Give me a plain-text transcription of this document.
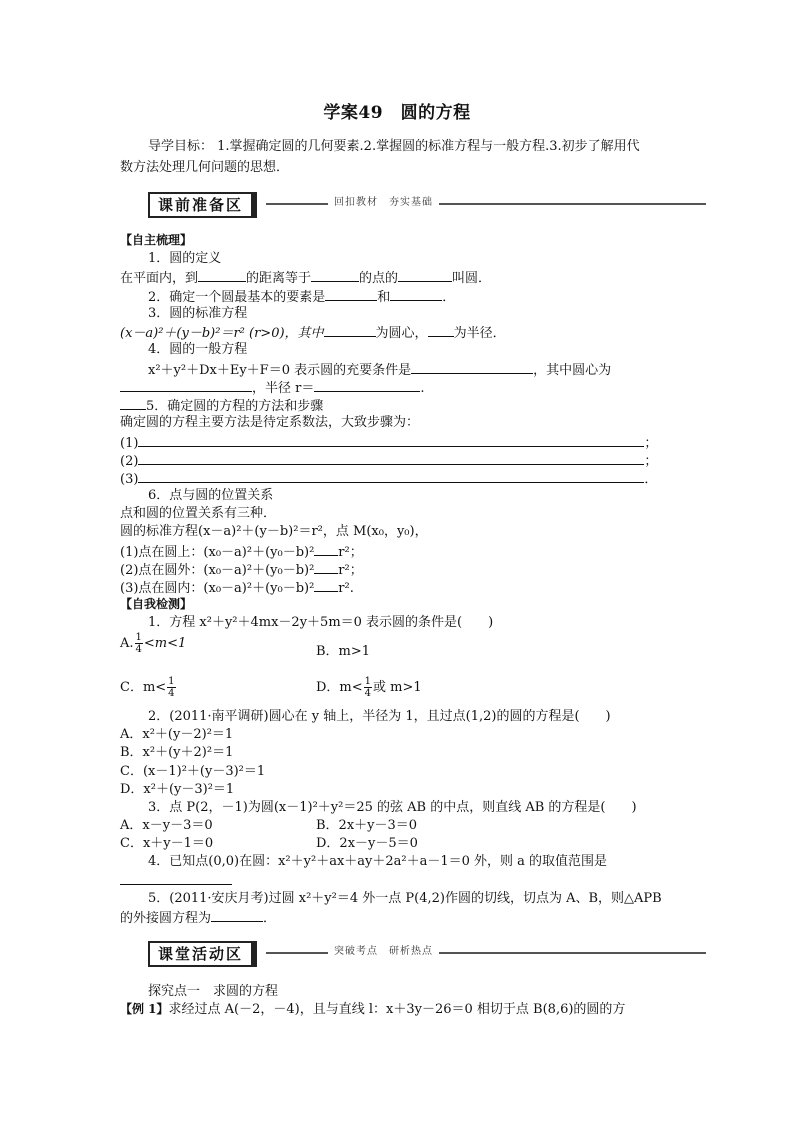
学案49　圆的方程
导学目标： 1.掌握确定圆的几何要素.2.掌握圆的标准方程与一般方程.3.初步了解用代
数方法处理几何问题的思想．
课前准备区	回扣教材　夯实基础
【自主梳理】
1．圆的定义
在平面内，到	的距离等于	的点的	叫圆．
2．确定一个圆最基本的要素是	和	．
3．圆的标准方程
(x－a)²＋(y－b)²＝r² (r>0)，其中	为圆心， 为半径．
4．圆的一般方程
x²＋y²＋Dx＋Ey＋F＝0 表示圆的充要条件是	，其中圆心为
，半径 r＝	.
5．确定圆的方程的方法和步骤
确定圆的方程主要方法是待定系数法，大致步骤为：
(1)	；
(2)	；
(3)	．
6．点与圆的位置关系
点和圆的位置关系有三种．
圆的标准方程(x－a)²＋(y－b)²＝r²，点 M(x₀，y₀)，
(1)点在圆上：(x₀－a)²＋(y₀－b)² r²；
(2)点在圆外：(x₀－a)²＋(y₀－b)² r²；
(3)点在圆内：(x₀－a)²＋(y₀－b)² r².
【自我检测】
1．方程 x²＋y²＋4mx－2y＋5m＝0 表示圆的条件是(　　)
A. $\frac{1}{4} <m<1$
B．m>1
C．$m< \frac{1}{4}$	D．$m< \frac{1}{4}$ 或 m>1
2．(2011·南平调研)圆心在 y 轴上，半径为 1，且过点(1,2)的圆的方程是(　　)
A．x²＋(y－2)²＝1
B．x²＋(y＋2)²＝1
C．(x－1)²＋(y－3)²＝1
D．x²＋(y－3)²＝1
3．点 P(2，－1)为圆(x－1)²＋y²＝25 的弦 AB 的中点，则直线 AB 的方程是(　　)
A．x－y－3＝0	B．2x＋y－3＝0
C．x＋y－1＝0	D．2x－y－5＝0
4．已知点(0,0)在圆：x²＋y²＋ax＋ay＋2a²＋a－1＝0 外，则 a 的取值范围是
5．(2011·安庆月考)过圆 x²＋y²＝4 外一点 P(4,2)作圆的切线，切点为 A、B，则△APB
的外接圆方程为	．
课堂活动区	突破考点　研析热点
探究点一　求圆的方程
【例 1】求经过点 A(－2，－4)，且与直线 l：x＋3y－26＝0 相切于点 B(8,6)的圆的方
